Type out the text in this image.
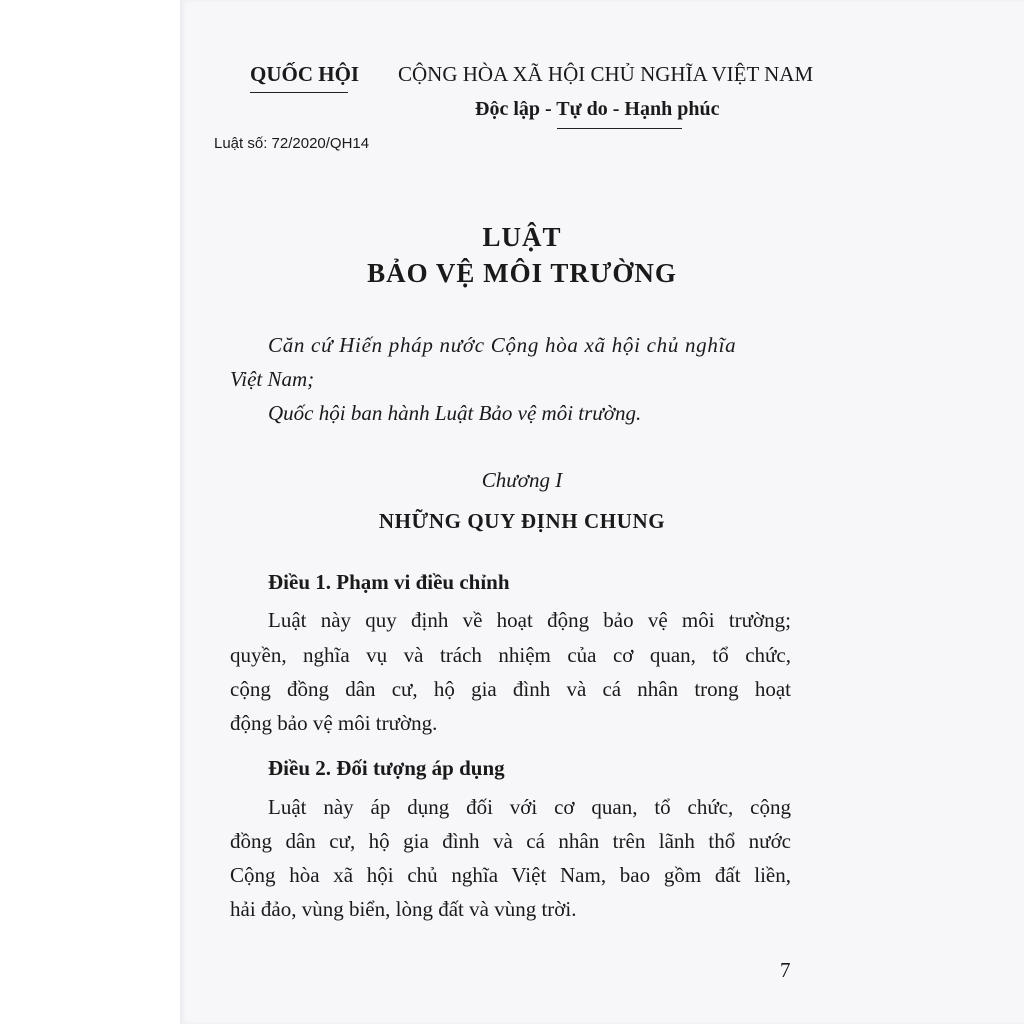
QUỐC HỘI CỘNG HÒA XÃ HỘI CHỦ NGHĨA VIỆT NAM
Độc lập - Tự do - Hạnh phúc
Luật số: 72/2020/QH14
LUẬT
BẢO VỆ MÔI TRƯỜNG
Căn cứ Hiến pháp nước Cộng hòa xã hội chủ nghĩa
Việt Nam;
Quốc hội ban hành Luật Bảo vệ môi trường.
Chương I
NHỮNG QUY ĐỊNH CHUNG
Điều 1. Phạm vi điều chỉnh
Luật này quy định về hoạt động bảo vệ môi trường;
quyền, nghĩa vụ và trách nhiệm của cơ quan, tổ chức,
cộng đồng dân cư, hộ gia đình và cá nhân trong hoạt
động bảo vệ môi trường.
Điều 2. Đối tượng áp dụng
Luật này áp dụng đối với cơ quan, tổ chức, cộng
đồng dân cư, hộ gia đình và cá nhân trên lãnh thổ nước
Cộng hòa xã hội chủ nghĩa Việt Nam, bao gồm đất liền,
hải đảo, vùng biển, lòng đất và vùng trời.
7
